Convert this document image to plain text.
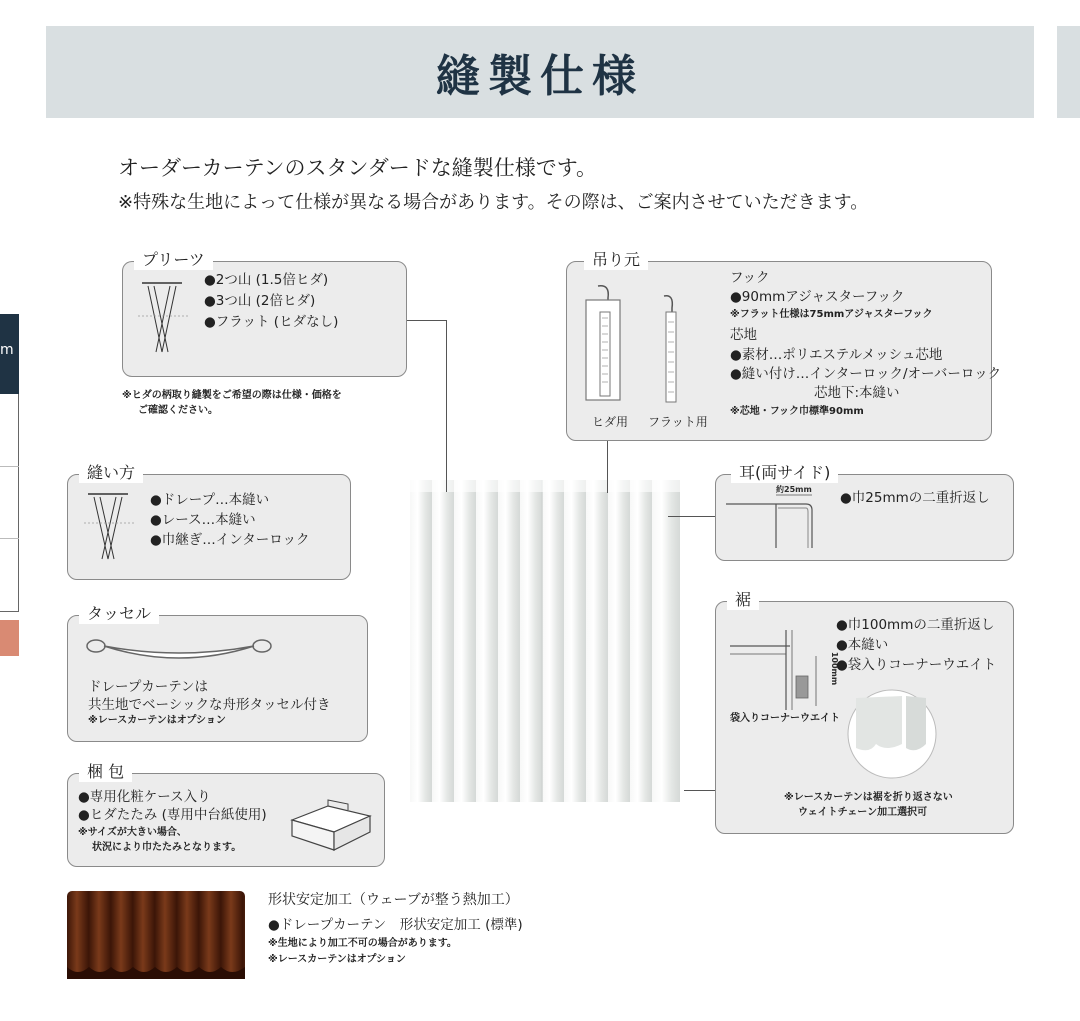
縫製仕様
オーダーカーテンのスタンダードな縫製仕様です。
※特殊な生地によって仕様が異なる場合があります。その際は、ご案内させていただきます。
m
プリーツ
●2つ山 (1.5倍ヒダ)
●3つ山 (2倍ヒダ)
●フラット (ヒダなし)
※ヒダの柄取り縫製をご希望の際は仕様・価格を
ご確認ください。
縫い方
●ドレープ…本縫い
●レース…本縫い
●巾継ぎ…インターロック
タッセル
ドレープカーテンは
共生地でベーシックな舟形タッセル付き
※レースカーテンはオプション
梱 包
●専用化粧ケース入り
●ヒダたたみ (専用中台紙使用)
※サイズが大きい場合、
状況により巾たたみとなります。
吊り元
ヒダ用 フラット用
フック
●90mmアジャスターフック
※フラット仕様は75mmアジャスターフック
芯地
●素材…ポリエステルメッシュ芯地
●縫い付け…インターロック/オーバーロック
芯地下:本縫い
※芯地・フック巾標準90mm
耳(両サイド)
約25mm
●巾25mmの二重折返し
裾
100mm
袋入りコーナーウエイト
●巾100mmの二重折返し
●本縫い
●袋入りコーナーウエイト
※レースカーテンは裾を折り返さない
ウェイトチェーン加工選択可
形状安定加工（ウェーブが整う熱加工）
●ドレープカーテン　形状安定加工 (標準)
※生地により加工不可の場合があります。
※レースカーテンはオプション
